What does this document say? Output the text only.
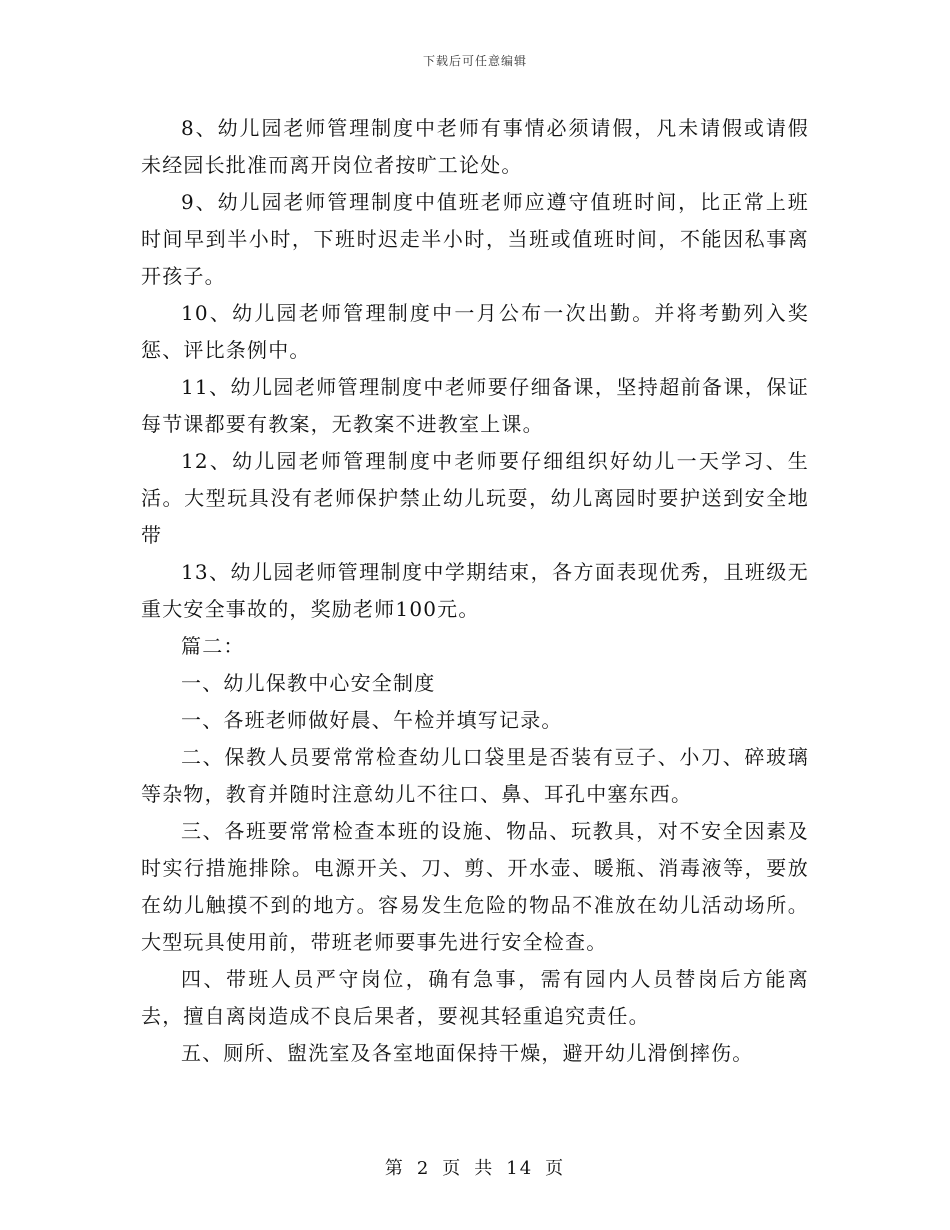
下载后可任意编辑

8、幼儿园老师管理制度中老师有事情必须请假，凡未请假或请假未经园长批准而离开岗位者按旷工论处。

9、幼儿园老师管理制度中值班老师应遵守值班时间，比正常上班时间早到半小时，下班时迟走半小时，当班或值班时间，不能因私事离开孩子。

10、幼儿园老师管理制度中一月公布一次出勤。并将考勤列入奖惩、评比条例中。

11、幼儿园老师管理制度中老师要仔细备课，坚持超前备课，保证每节课都要有教案，无教案不进教室上课。

12、幼儿园老师管理制度中老师要仔细组织好幼儿一天学习、生活。大型玩具没有老师保护禁止幼儿玩耍，幼儿离园时要护送到安全地带

13、幼儿园老师管理制度中学期结束，各方面表现优秀，且班级无重大安全事故的，奖励老师100元。

篇二：

一、幼儿保教中心安全制度

一、各班老师做好晨、午检并填写记录。

二、保教人员要常常检查幼儿口袋里是否装有豆子、小刀、碎玻璃等杂物，教育并随时注意幼儿不往口、鼻、耳孔中塞东西。

三、各班要常常检查本班的设施、物品、玩教具，对不安全因素及时实行措施排除。电源开关、刀、剪、开水壶、暖瓶、消毒液等，要放在幼儿触摸不到的地方。容易发生危险的物品不准放在幼儿活动场所。大型玩具使用前，带班老师要事先进行安全检查。

四、带班人员严守岗位，确有急事，需有园内人员替岗后方能离去，擅自离岗造成不良后果者，要视其轻重追究责任。

五、厕所、盥洗室及各室地面保持干燥，避开幼儿滑倒摔伤。

第 2 页 共 14 页
